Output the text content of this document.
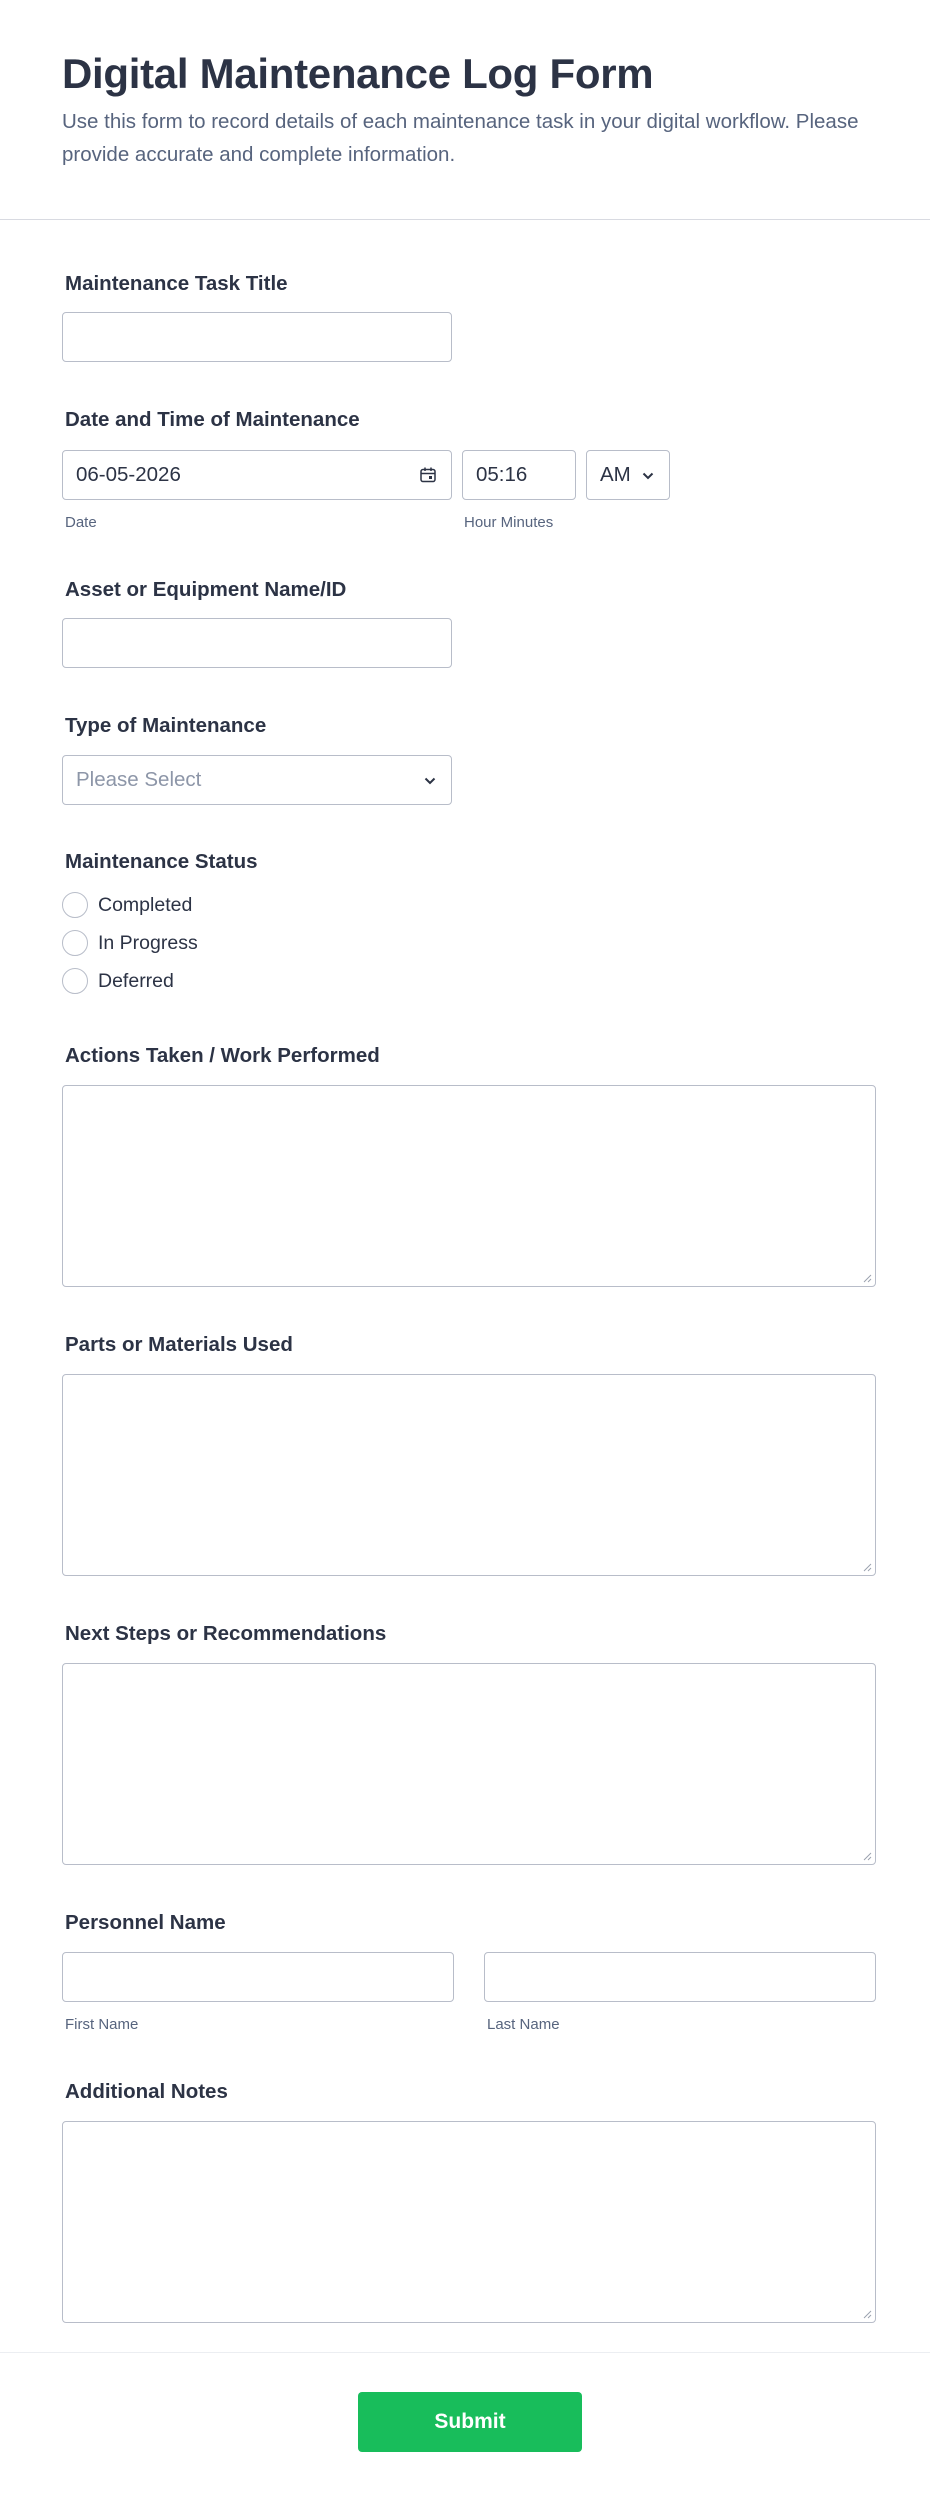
Digital Maintenance Log Form

Use this form to record details of each maintenance task in your digital workflow. Please provide accurate and complete information.

Maintenance Task Title
Date and Time of Maintenance
06-05-2026
Date
05:16
Hour Minutes
AM
Asset or Equipment Name/ID
Type of Maintenance
Please Select
Maintenance Status
Completed
In Progress
Deferred
Actions Taken / Work Performed
Parts or Materials Used
Next Steps or Recommendations
Personnel Name
First Name	Last Name
Additional Notes
Submit
